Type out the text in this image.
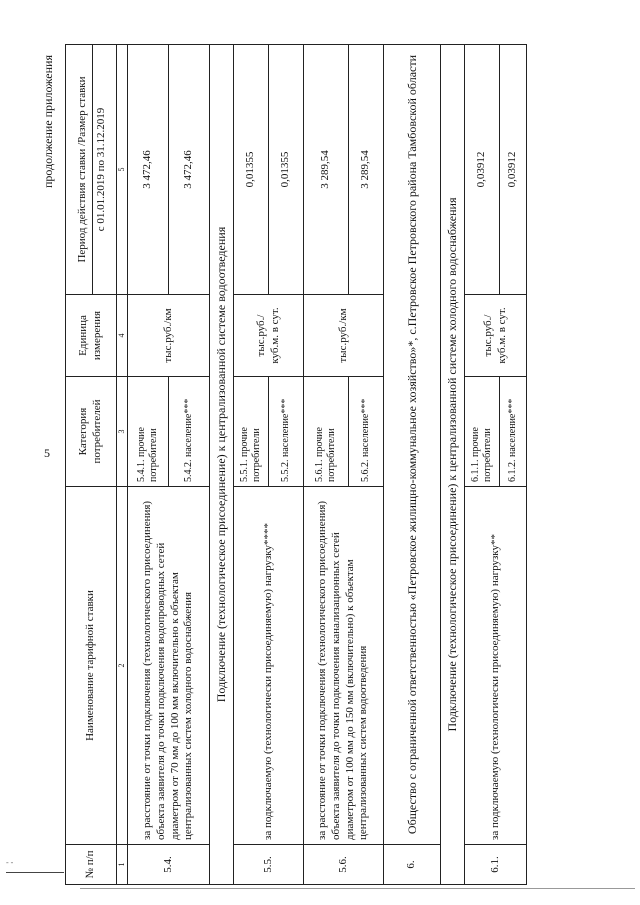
5
- -
продолжение приложения
№ п/п	Наименование тарифной ставки	Категория потребителей	Единица измерения	Период действия ставки /Размер ставки с 01.01.2019 по 31.12.2019

1	2	3	4	5
5.4.	за расстояние от точки подключения (технологического присоединения) объекта заявителя до точки подключения водопроводных сетей диаметром от 70 мм до 100 мм включительно к объектам централизованных систем холодного водоснабжения	5.4.1. прочие потребители	тыс.руб./км	3 472,46
		5.4.2. население***		3 472,46
Подключение (технологическое присоединение) к централизованной системе водоотведения				
5.5.	за подключаемую (технологически присоединяемую) нагрузку****	5.5.1. прочие потребители	тыс.руб./ куб.м. в сут.	0,01355
		5.5.2. население***		0,01355
5.6.	за расстояние от точки подключения (технологического присоединения) объекта заявителя до точки подключения канализационных сетей диаметром от 100 мм до 150 мм (включительно) к объектам централизованных систем водоотведения	5.6.1. прочие потребители	тыс.руб./км	3 289,54
		5.6.2. население***		3 289,54
6.	Общество с ограниченной ответственностью «Петровское жилищно-коммунальное хозяйство»*, с.Петровское Петровского района Тамбовской области			
Подключение (технологическое присоединение) к централизованной системе холодного водоснабжения				
6.1.	за подключаемую (технологически присоединяемую) нагрузку**	6.1.1. прочие потребители	тыс.руб./ куб.м. в сут.	0,03912
		6.1.2. население***		0,03912
